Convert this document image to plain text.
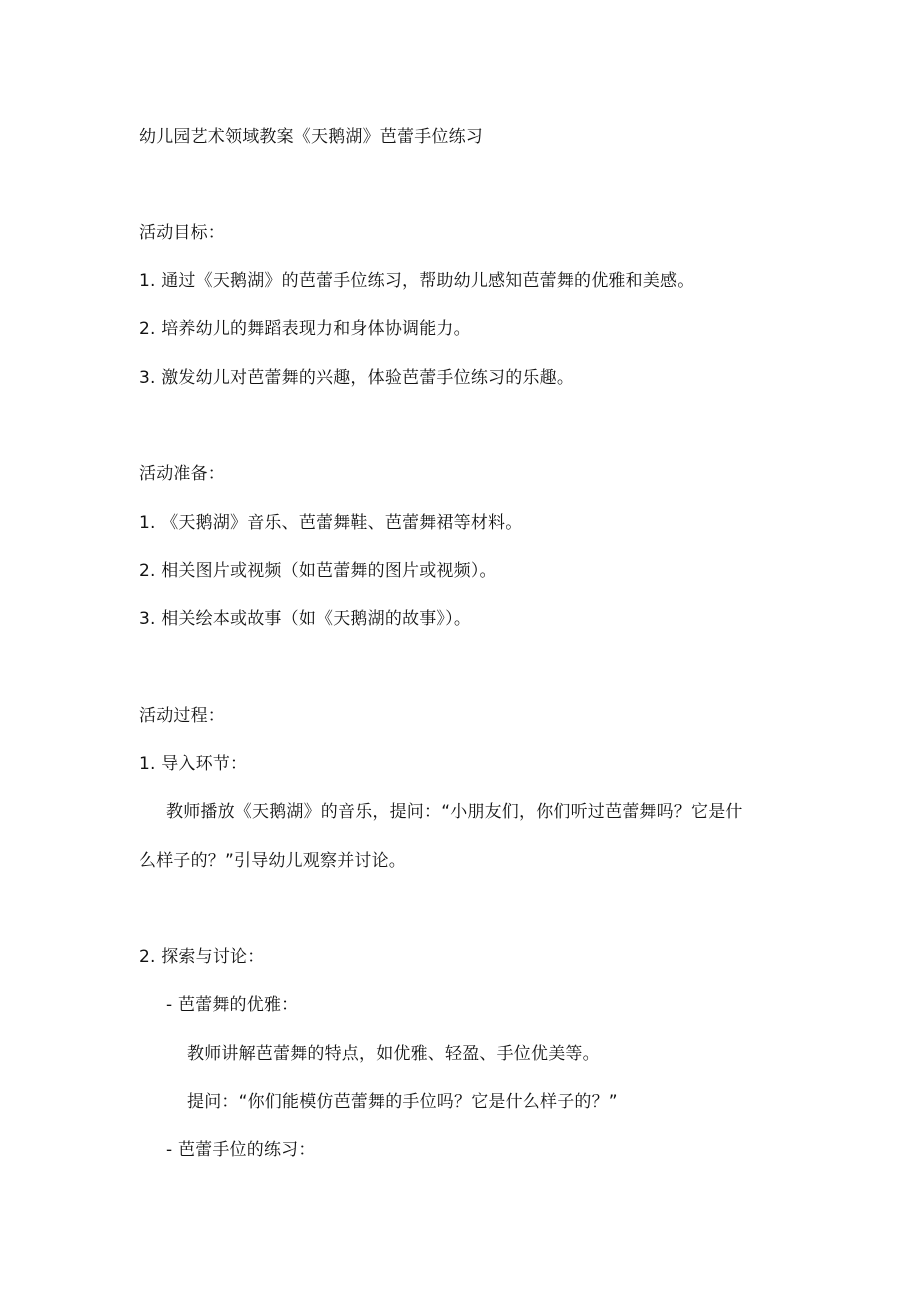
幼儿园艺术领域教案《天鹅湖》芭蕾手位练习
活动目标：
1. 通过《天鹅湖》的芭蕾手位练习，帮助幼儿感知芭蕾舞的优雅和美感。
2. 培养幼儿的舞蹈表现力和身体协调能力。
3. 激发幼儿对芭蕾舞的兴趣，体验芭蕾手位练习的乐趣。
活动准备：
1. 《天鹅湖》音乐、芭蕾舞鞋、芭蕾舞裙等材料。
2. 相关图片或视频（如芭蕾舞的图片或视频）。
3. 相关绘本或故事（如《天鹅湖的故事》）。
活动过程：
1. 导入环节：
教师播放《天鹅湖》的音乐，提问：“小朋友们，你们听过芭蕾舞吗？它是什
么样子的？”引导幼儿观察并讨论。
2. 探索与讨论：
- 芭蕾舞的优雅：
教师讲解芭蕾舞的特点，如优雅、轻盈、手位优美等。
提问：“你们能模仿芭蕾舞的手位吗？它是什么样子的？”
- 芭蕾手位的练习：
